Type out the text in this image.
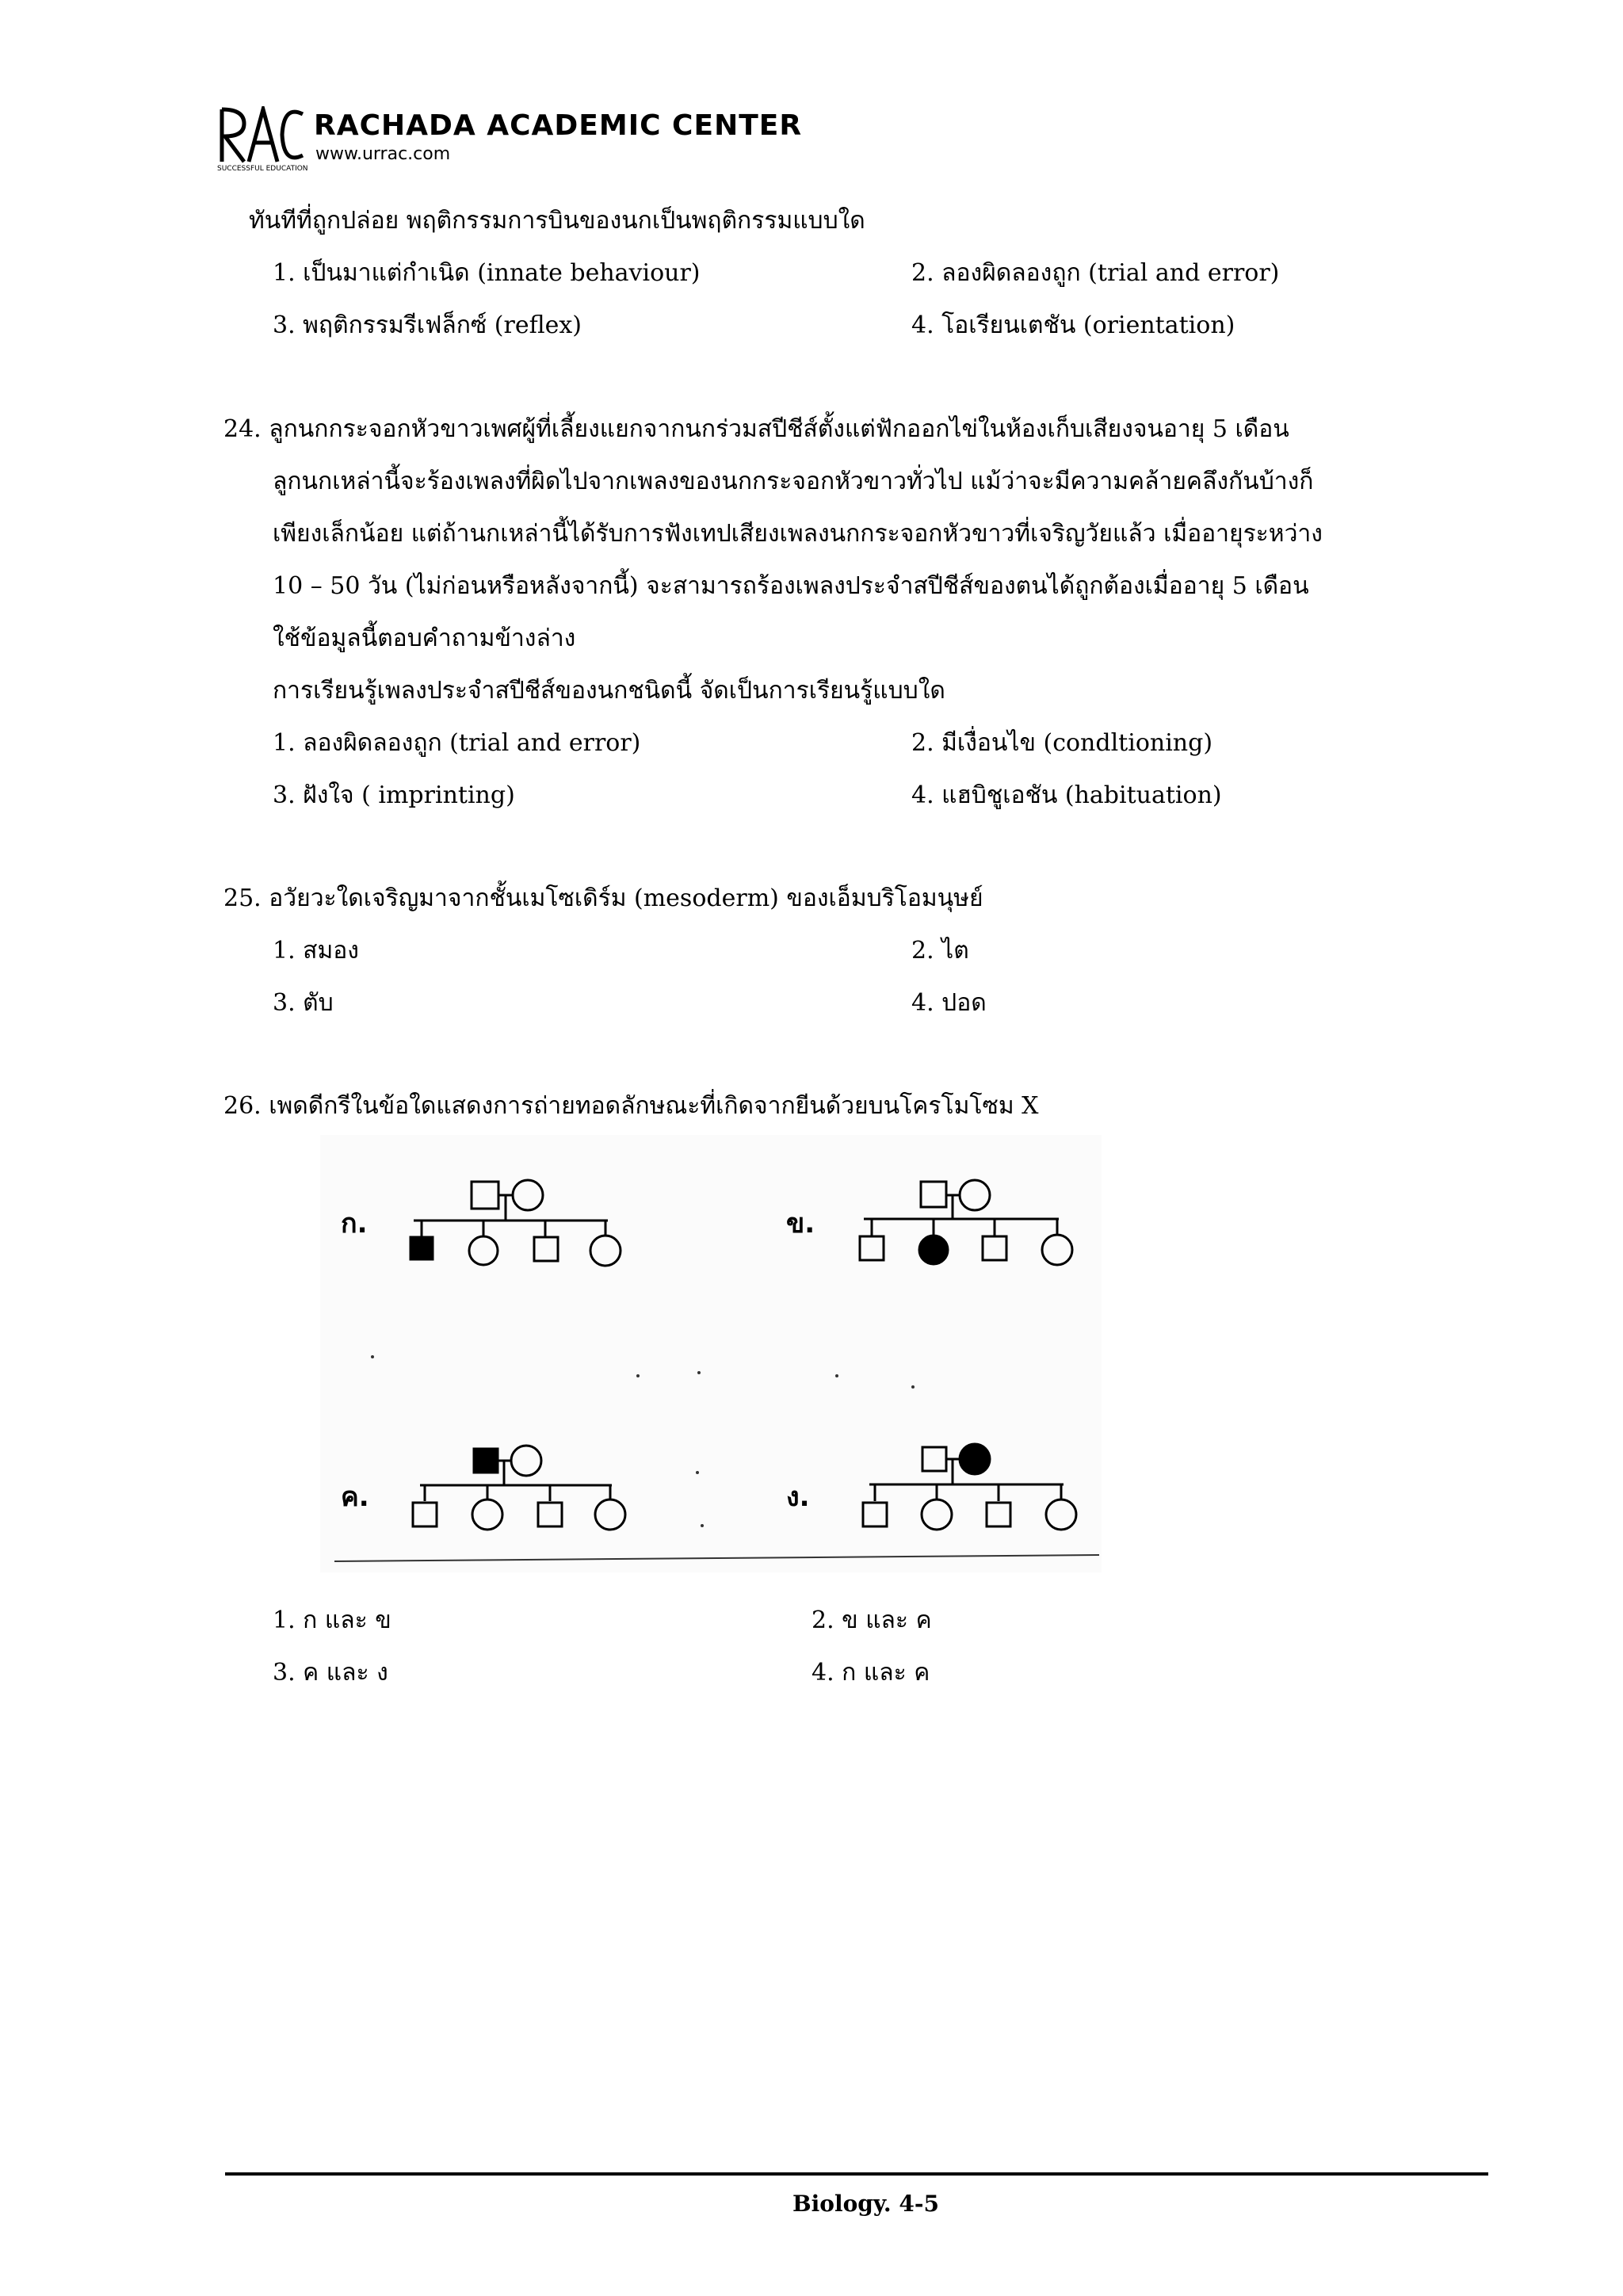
RACHADA ACADEMIC CENTER
www.urrac.com
SUCCESSFUL EDUCATION
ทันทีที่ถูกปล่อย พฤติกรรมการบินของนกเป็นพฤติกรรมแบบใด
1. เป็นมาแต่กำเนิด (innate behaviour)	2. ลองผิดลองถูก (trial and error)
3. พฤติกรรมรีเฟล็กซ์ (reflex)	4. โอเรียนเตชัน (orientation)
24. ลูกนกกระจอกหัวขาวเพศผู้ที่เลี้ยงแยกจากนกร่วมสปีชีส์ตั้งแต่ฟักออกไข่ในห้องเก็บเสียงจนอายุ 5 เดือน
ลูกนกเหล่านี้จะร้องเพลงที่ผิดไปจากเพลงของนกกระจอกหัวขาวทั่วไป แม้ว่าจะมีความคล้ายคลึงกันบ้างก็
เพียงเล็กน้อย แต่ถ้านกเหล่านี้ได้รับการฟังเทปเสียงเพลงนกกระจอกหัวขาวที่เจริญวัยแล้ว เมื่ออายุระหว่าง
10 – 50 วัน (ไม่ก่อนหรือหลังจากนี้) จะสามารถร้องเพลงประจำสปีชีส์ของตนได้ถูกต้องเมื่ออายุ 5 เดือน
ใช้ข้อมูลนี้ตอบคำถามข้างล่าง
การเรียนรู้เพลงประจำสปีชีส์ของนกชนิดนี้ จัดเป็นการเรียนรู้แบบใด
1. ลองผิดลองถูก (trial and error)	2. มีเงื่อนไข (condltioning)
3. ฝังใจ ( imprinting)	4. แฮบิชูเอชัน (habituation)
25. อวัยวะใดเจริญมาจากชั้นเมโซเดิร์ม (mesoderm) ของเอ็มบริโอมนุษย์
1. สมอง	2. ไต
3. ตับ	4. ปอด
26. เพดดีกรีในข้อใดแสดงการถ่ายทอดลักษณะที่เกิดจากยีนด้วยบนโครโมโซม X
ก.	ข.
ค.	ง.
1. ก และ ข	2. ข และ ค
3. ค และ ง	4. ก และ ค
Biology. 4-5
